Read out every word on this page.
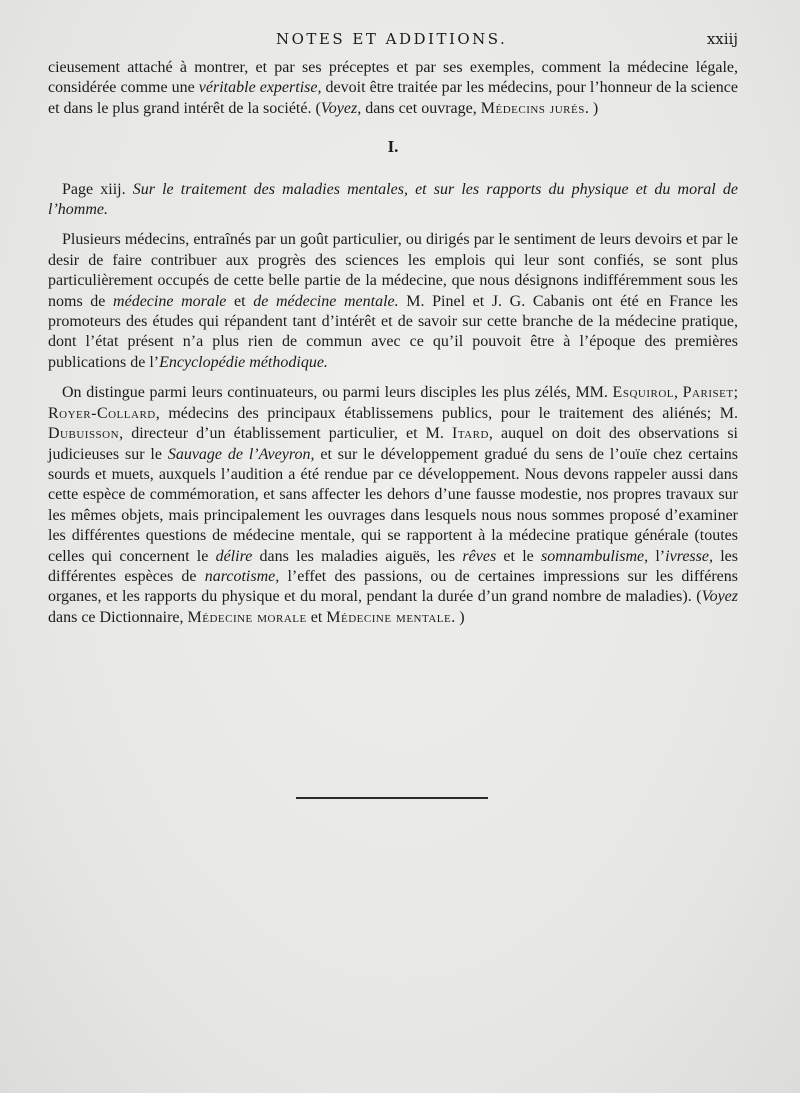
NOTES ET ADDITIONS.	xxiij

cieusement attaché à montrer, et par ses préceptes et par ses exemples, comment la médecine légale, considérée comme une véritable expertise, devoit être traitée par les médecins, pour l’honneur de la science et dans le plus grand intérêt de la société. (Voyez, dans cet ouvrage, Médecins jurés. )

I.

Page xiij. Sur le traitement des maladies mentales, et sur les rapports du physique et du moral de l’homme.

Plusieurs médecins, entraînés par un goût particulier, ou dirigés par le sentiment de leurs devoirs et par le desir de faire contribuer aux progrès des sciences les emplois qui leur sont confiés, se sont plus particulièrement occupés de cette belle partie de la médecine, que nous désignons indifféremment sous les noms de médecine morale et de médecine mentale. M. Pinel et J. G. Cabanis ont été en France les promoteurs des études qui répandent tant d’intérêt et de savoir sur cette branche de la médecine pratique, dont l’état présent n’a plus rien de commun avec ce qu’il pouvoit être à l’époque des premières publications de l’Encyclopédie méthodique.

On distingue parmi leurs continuateurs, ou parmi leurs disciples les plus zélés, MM. Esquirol, Pariset; Royer-Collard, médecins des principaux établissemens publics, pour le traitement des aliénés; M. Dubuisson, directeur d’un établissement particulier, et M. Itard, auquel on doit des observations si judicieuses sur le Sauvage de l’Aveyron, et sur le développement gradué du sens de l’ouïe chez certains sourds et muets, auxquels l’audition a été rendue par ce développement. Nous devons rappeler aussi dans cette espèce de commémoration, et sans affecter les dehors d’une fausse modestie, nos propres travaux sur les mêmes objets, mais principalement les ouvrages dans lesquels nous nous sommes proposé d’examiner les différentes questions de médecine mentale, qui se rapportent à la médecine pratique générale (toutes celles qui concernent le délire dans les maladies aiguës, les rêves et le somnambulisme, l’ivresse, les différentes espèces de narcotisme, l’effet des passions, ou de certaines impressions sur les différens organes, et les rapports du physique et du moral, pendant la durée d’un grand nombre de maladies). (Voyez dans ce Dictionnaire, Médecine morale et Médecine mentale. )
